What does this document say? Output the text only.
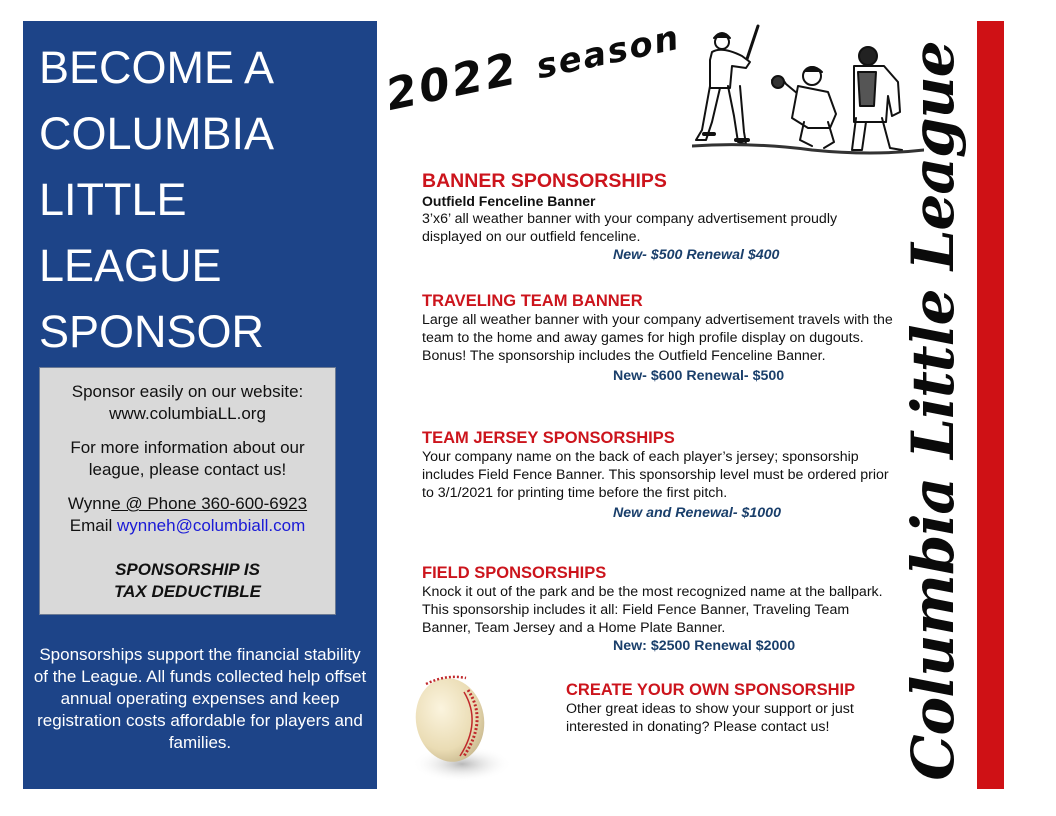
BECOME A
COLUMBIA
LITTLE
LEAGUE
SPONSOR

Sponsor easily on our website:
www.columbiaLL.org

For more information about our
league, please contact us!

Wynne @ Phone 360-600-6923
Email wynneh@columbiall.com

SPONSORSHIP IS
TAX DEDUCTIBLE

Sponsorships support the financial stability of the League. All funds collected help offset annual operating expenses and keep registration costs affordable for players and families.
2022 season
BANNER SPONSORSHIPS
Outfield Fenceline Banner
3’x6’ all weather banner with your company advertisement proudly displayed on our outfield fenceline.
New- $500 Renewal $400
TRAVELING TEAM BANNER
Large all weather banner with your company advertisement travels with the team to the home and away games for high profile display on dugouts. Bonus! The sponsorship includes the Outfield Fenceline Banner.
New- $600 Renewal- $500
TEAM JERSEY SPONSORSHIPS
Your company name on the back of each player’s jersey; sponsorship includes Field Fence Banner. This sponsorship level must be ordered prior to 3/1/2021 for printing time before the first pitch.
New and Renewal- $1000
FIELD SPONSORSHIPS
Knock it out of the park and be the most recognized name at the ballpark. This sponsorship includes it all: Field Fence Banner, Traveling Team Banner, Team Jersey and a Home Plate Banner.
New: $2500 Renewal $2000
CREATE YOUR OWN SPONSORSHIP
Other great ideas to show your support or just interested in donating? Please contact us!	Columbia Little League
